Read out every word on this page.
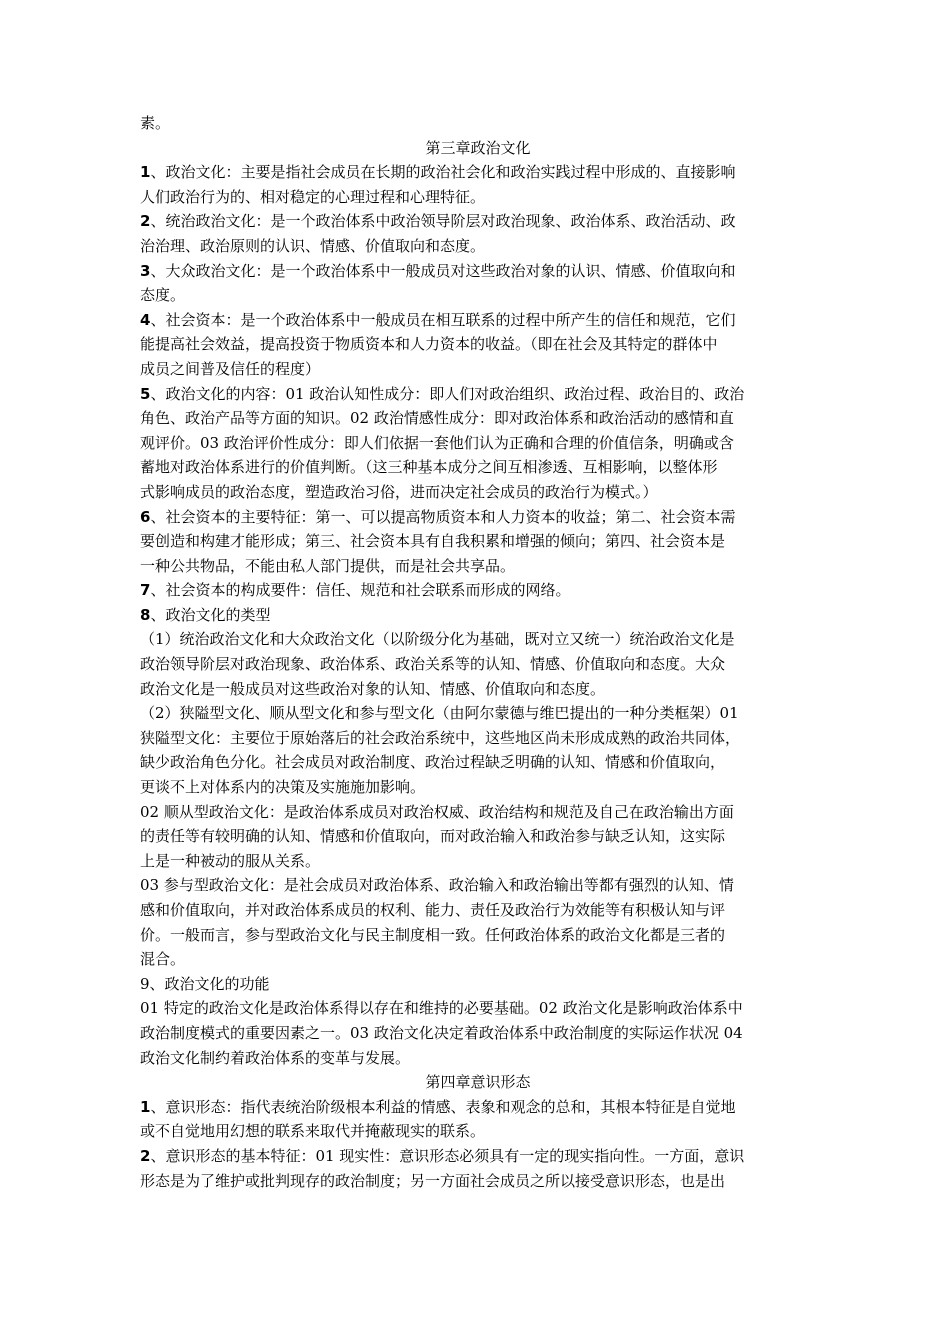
素。
第三章政治文化
1、政治文化：主要是指社会成员在长期的政治社会化和政治实践过程中形成的、直接影响
人们政治行为的、相对稳定的心理过程和心理特征。
2、统治政治文化：是一个政治体系中政治领导阶层对政治现象、政治体系、政治活动、政
治治理、政治原则的认识、情感、价值取向和态度。
3、大众政治文化：是一个政治体系中一般成员对这些政治对象的认识、情感、价值取向和
态度。
4、社会资本：是一个政治体系中一般成员在相互联系的过程中所产生的信任和规范，它们
能提高社会效益，提高投资于物质资本和人力资本的收益。（即在社会及其特定的群体中
成员之间普及信任的程度）
5、政治文化的内容：01 政治认知性成分：即人们对政治组织、政治过程、政治目的、政治
角色、政治产品等方面的知识。02 政治情感性成分：即对政治体系和政治活动的感情和直
观评价。03 政治评价性成分：即人们依据一套他们认为正确和合理的价值信条，明确或含
蓄地对政治体系进行的价值判断。（这三种基本成分之间互相渗透、互相影响，以整体形
式影响成员的政治态度，塑造政治习俗，进而决定社会成员的政治行为模式。）
6、社会资本的主要特征：第一、可以提高物质资本和人力资本的收益；第二、社会资本需
要创造和构建才能形成；第三、社会资本具有自我积累和增强的倾向；第四、社会资本是
一种公共物品，不能由私人部门提供，而是社会共享品。
7、社会资本的构成要件：信任、规范和社会联系而形成的网络。
8、政治文化的类型
（1）统治政治文化和大众政治文化（以阶级分化为基础，既对立又统一）统治政治文化是
政治领导阶层对政治现象、政治体系、政治关系等的认知、情感、价值取向和态度。大众
政治文化是一般成员对这些政治对象的认知、情感、价值取向和态度。
（2）狭隘型文化、顺从型文化和参与型文化（由阿尔蒙德与维巴提出的一种分类框架）01
狭隘型文化：主要位于原始落后的社会政治系统中，这些地区尚未形成成熟的政治共同体，
缺少政治角色分化。社会成员对政治制度、政治过程缺乏明确的认知、情感和价值取向，
更谈不上对体系内的决策及实施施加影响。
02 顺从型政治文化：是政治体系成员对政治权威、政治结构和规范及自己在政治输出方面
的责任等有较明确的认知、情感和价值取向，而对政治输入和政治参与缺乏认知，这实际
上是一种被动的服从关系。
03 参与型政治文化：是社会成员对政治体系、政治输入和政治输出等都有强烈的认知、情
感和价值取向，并对政治体系成员的权利、能力、责任及政治行为效能等有积极认知与评
价。一般而言，参与型政治文化与民主制度相一致。任何政治体系的政治文化都是三者的
混合。
9、政治文化的功能
01 特定的政治文化是政治体系得以存在和维持的必要基础。02 政治文化是影响政治体系中
政治制度模式的重要因素之一。03 政治文化决定着政治体系中政治制度的实际运作状况 04
政治文化制约着政治体系的变革与发展。
第四章意识形态
1、意识形态：指代表统治阶级根本利益的情感、表象和观念的总和，其根本特征是自觉地
或不自觉地用幻想的联系来取代并掩蔽现实的联系。
2、意识形态的基本特征：01 现实性：意识形态必须具有一定的现实指向性。一方面，意识
形态是为了维护或批判现存的政治制度；另一方面社会成员之所以接受意识形态，也是出
